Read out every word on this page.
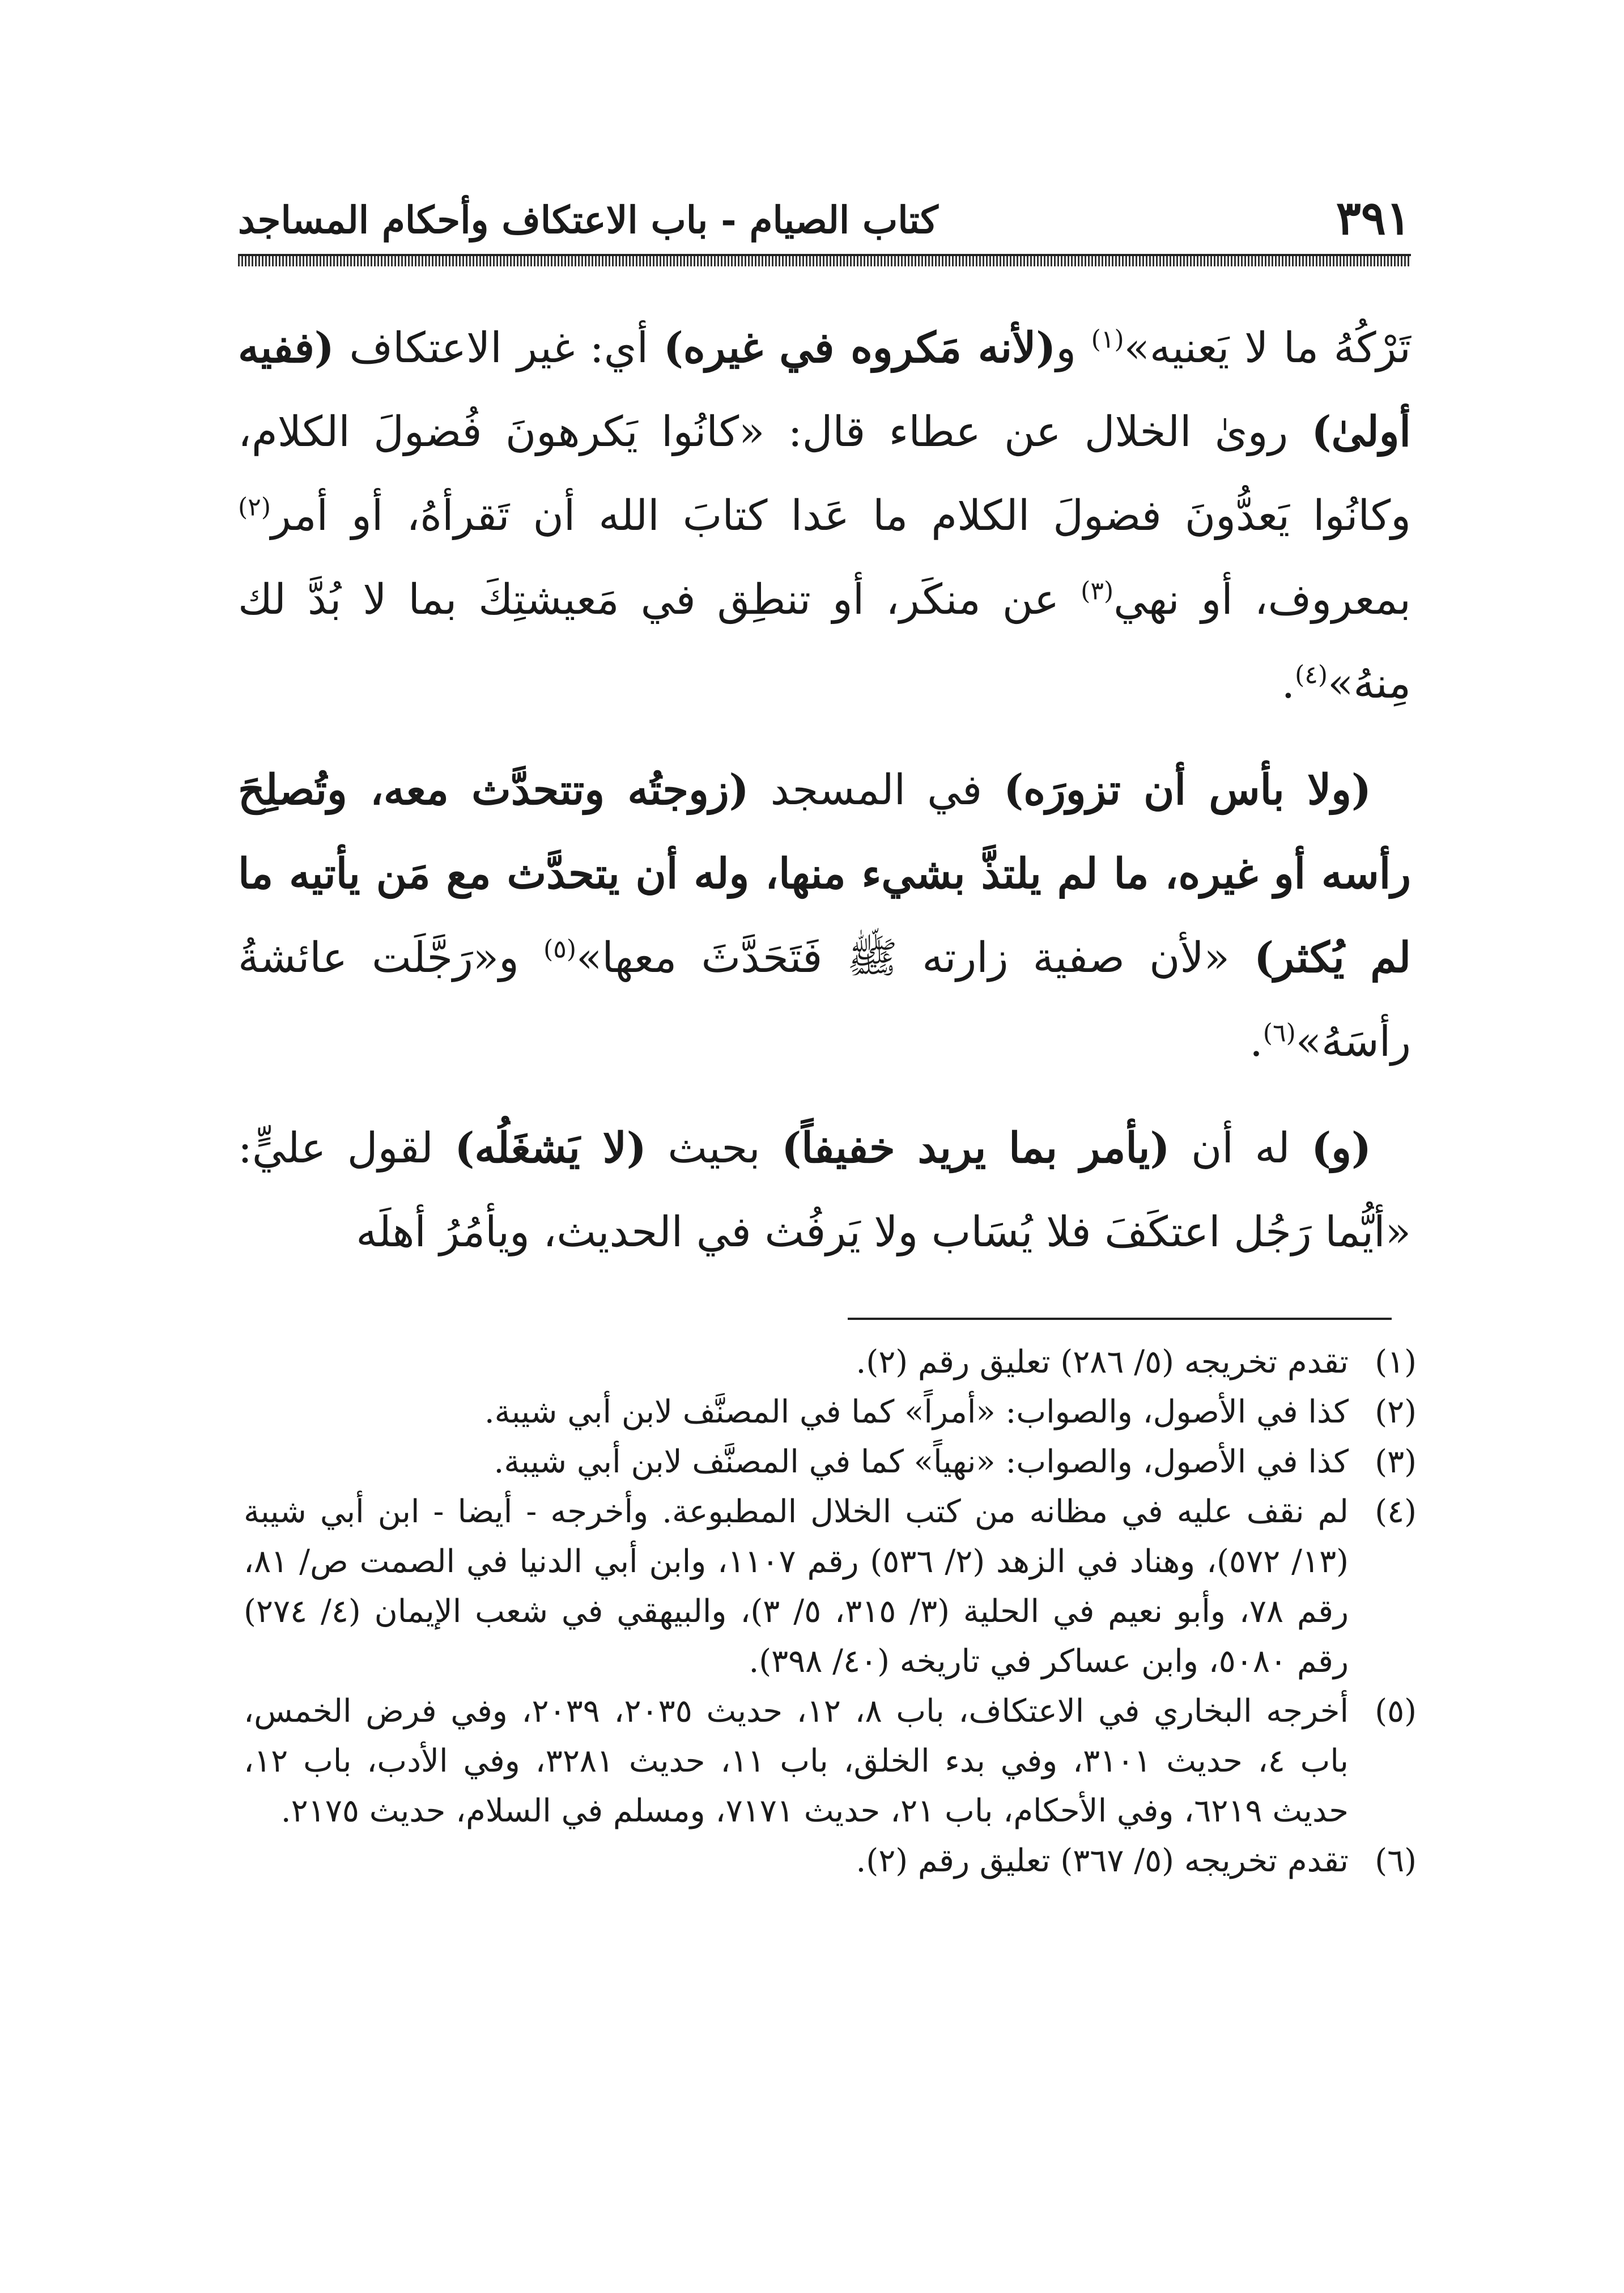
٣٩١
كتاب الصيام - باب الاعتكاف وأحكام المساجد

تَرْكُهُ ما لا يَعنيه»$^{(١)}$ و(لأنه مَكروه في غيره) أي: غير الاعتكاف (ففيه أولىٰ) روىٰ الخلال عن عطاء قال: «كانُوا يَكرهونَ فُضولَ الكلام، وكانُوا يَعدُّونَ فضولَ الكلام ما عَدا كتابَ الله أن تَقرأهُ، أو أمر$^{(٢)}$ بمعروف، أو نهي$^{(٣)}$ عن منكَر، أو تنطِق في مَعيشتِكَ بما لا بُدَّ لك مِنهُ»$^{(٤)}$.

(ولا بأس أن تزورَه) في المسجد (زوجتُه وتتحدَّث معه، وتُصلِحَ رأسه أو غيره، ما لم يلتذَّ بشيء منها، وله أن يتحدَّث مع مَن يأتيه ما لم يُكثر) «لأن صفية زارته ﷺ فَتَحَدَّثَ معها»$^{(٥)}$ و«رَجَّلَت عائشةُ رأسَهُ»$^{(٦)}$.

(و) له أن (يأمر بما يريد خفيفاً) بحيث (لا يَشغَلُه) لقول عليٍّ: «أيُّما رَجُل اعتكَفَ فلا يُسَاب ولا يَرفُث في الحديث، ويأمُرُ أهلَه

(١)
تقدم تخريجه (٥/ ٢٨٦) تعليق رقم (٢).
(٢)
كذا في الأصول، والصواب: «أمراً» كما في المصنَّف لابن أبي شيبة.
(٣)
كذا في الأصول، والصواب: «نهياً» كما في المصنَّف لابن أبي شيبة.
(٤)
لم نقف عليه في مظانه من كتب الخلال المطبوعة. وأخرجه - أيضا - ابن أبي شيبة (١٣/ ٥٧٢)، وهناد في الزهد (٢/ ٥٣٦) رقم ١١٠٧، وابن أبي الدنيا في الصمت ص/ ٨١، رقم ٧٨، وأبو نعيم في الحلية (٣/ ٣١٥، ٥/ ٣)، والبيهقي في شعب الإيمان (٤/ ٢٧٤) رقم ٥٠٨٠، وابن عساكر في تاريخه (٤٠/ ٣٩٨).
(٥)
أخرجه البخاري في الاعتكاف، باب ٨، ١٢، حديث ٢٠٣٥، ٢٠٣٩، وفي فرض الخمس، باب ٤، حديث ٣١٠١، وفي بدء الخلق، باب ١١، حديث ٣٢٨١، وفي الأدب، باب ١٢، حديث ٦٢١٩، وفي الأحكام، باب ٢١، حديث ٧١٧١، ومسلم في السلام، حديث ٢١٧٥.
(٦)
تقدم تخريجه (٥/ ٣٦٧) تعليق رقم (٢).
